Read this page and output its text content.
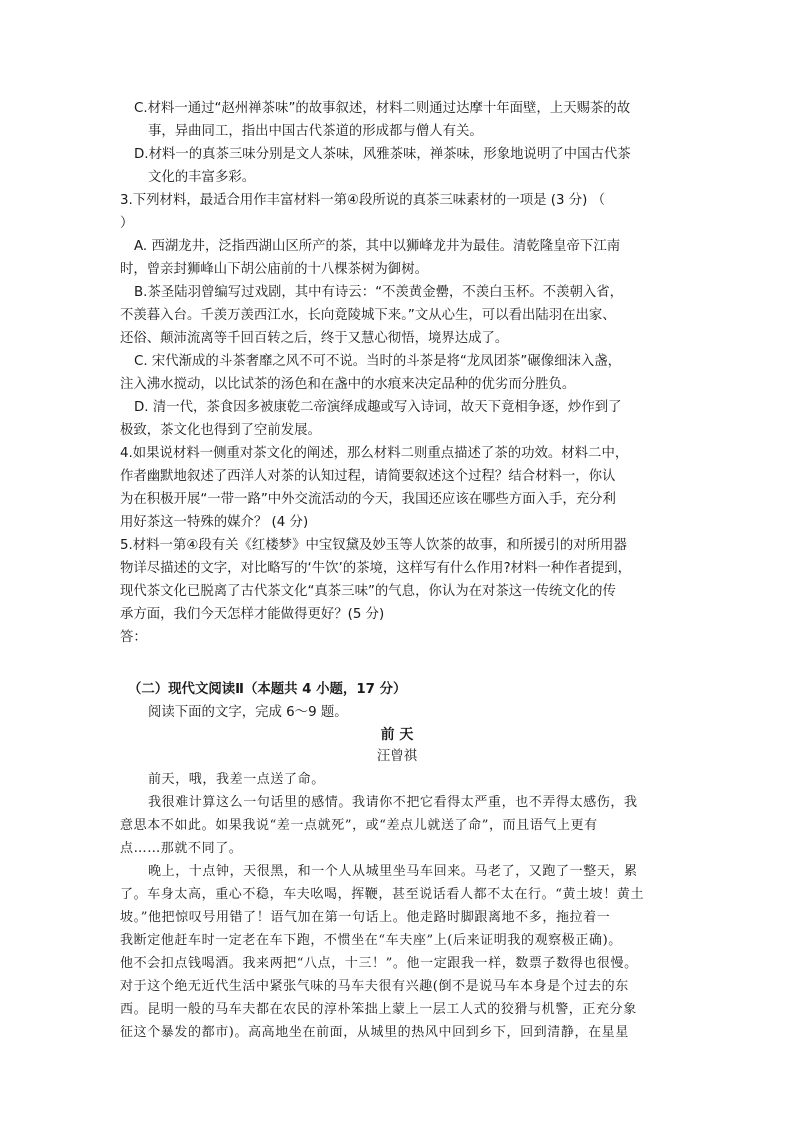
C.材料一通过“赵州禅茶味”的故事叙述，材料二则通过达摩十年面壁，上天赐茶的故
事，异曲同工，指出中国古代茶道的形成都与僧人有关。
D.材料一的真茶三味分别是文人茶味，风雅茶味，禅茶味，形象地说明了中国古代茶
文化的丰富多彩。
3.下列材料，最适合用作丰富材料一第④段所说的真茶三味素材的一项是 (3 分) （
）
A. 西湖龙井，泛指西湖山区所产的茶，其中以狮峰龙井为最佳。清乾隆皇帝下江南
时，曾亲封狮峰山下胡公庙前的十八棵茶树为御树。
B.茶圣陆羽曾编写过戏剧，其中有诗云：“不羡黄金罍，不羡白玉杯。不羡朝入省，
不羡暮入台。千羡万羡西江水，长向竟陵城下来。”文从心生，可以看出陆羽在出家、
还俗、颠沛流离等千回百转之后，终于又慧心彻悟，境界达成了。
C. 宋代渐成的斗茶奢靡之风不可不说。当时的斗茶是将“龙凤团茶”碾像细沫入盏，
注入沸水搅动，以比试茶的汤色和在盏中的水痕来决定品种的优劣而分胜负。
D. 清一代，茶食因多被康乾二帝演绎成趣或写入诗词，故天下竟相争逐，炒作到了
极致，茶文化也得到了空前发展。
4.如果说材料一侧重对茶文化的阐述，那么材料二则重点描述了茶的功效。材料二中，
作者幽默地叙述了西洋人对茶的认知过程，请简要叙述这个过程？结合材料一，你认
为在积极开展“一带一路”中外交流活动的今天，我国还应该在哪些方面入手，充分利
用好茶这一特殊的媒介？ (4 分)
5.材料一第④段有关《红楼梦》中宝钗黛及妙玉等人饮茶的故事，和所援引的对所用器
物详尽描述的文字，对比略写的‘牛饮’的茶境，这样写有什么作用?材料一种作者提到，
现代茶文化已脱离了古代茶文化“真茶三味”的气息，你认为在对茶这一传统文化的传
承方面，我们今天怎样才能做得更好？(5 分)
答：
（二）现代文阅读Ⅱ（本题共 4 小题，17 分）
阅读下面的文字，完成 6～9 题。
前 天
汪曾祺
前天，哦，我差一点送了命。
我很难计算这么一句话里的感情。我请你不把它看得太严重，也不弄得太感伤，我
意思本不如此。如果我说“差一点就死”，或“差点儿就送了命”，而且语气上更有
点……那就不同了。
晚上，十点钟，天很黑，和一个人从城里坐马车回来。马老了，又跑了一整天，累
了。车身太高，重心不稳，车夫吆喝，挥鞭，甚至说话看人都不太在行。“黄土坡！黄土
坡。”他把惊叹号用错了！语气加在第一句话上。他走路时脚跟离地不多，拖拉着一
我断定他赶车时一定老在车下跑，不惯坐在“车夫座”上(后来证明我的观察极正确)。
他不会扣点钱喝酒。我来两把“八点，十三！”。他一定跟我一样，数票子数得也很慢。
对于这个绝无近代生活中紧张气味的马车夫很有兴趣(倒不是说马车本身是个过去的东
西。昆明一般的马车夫都在农民的淳朴笨拙上蒙上一层工人式的狡猾与机警，正充分象
征这个暴发的都市)。高高地坐在前面，从城里的热风中回到乡下，回到清静，在星星
